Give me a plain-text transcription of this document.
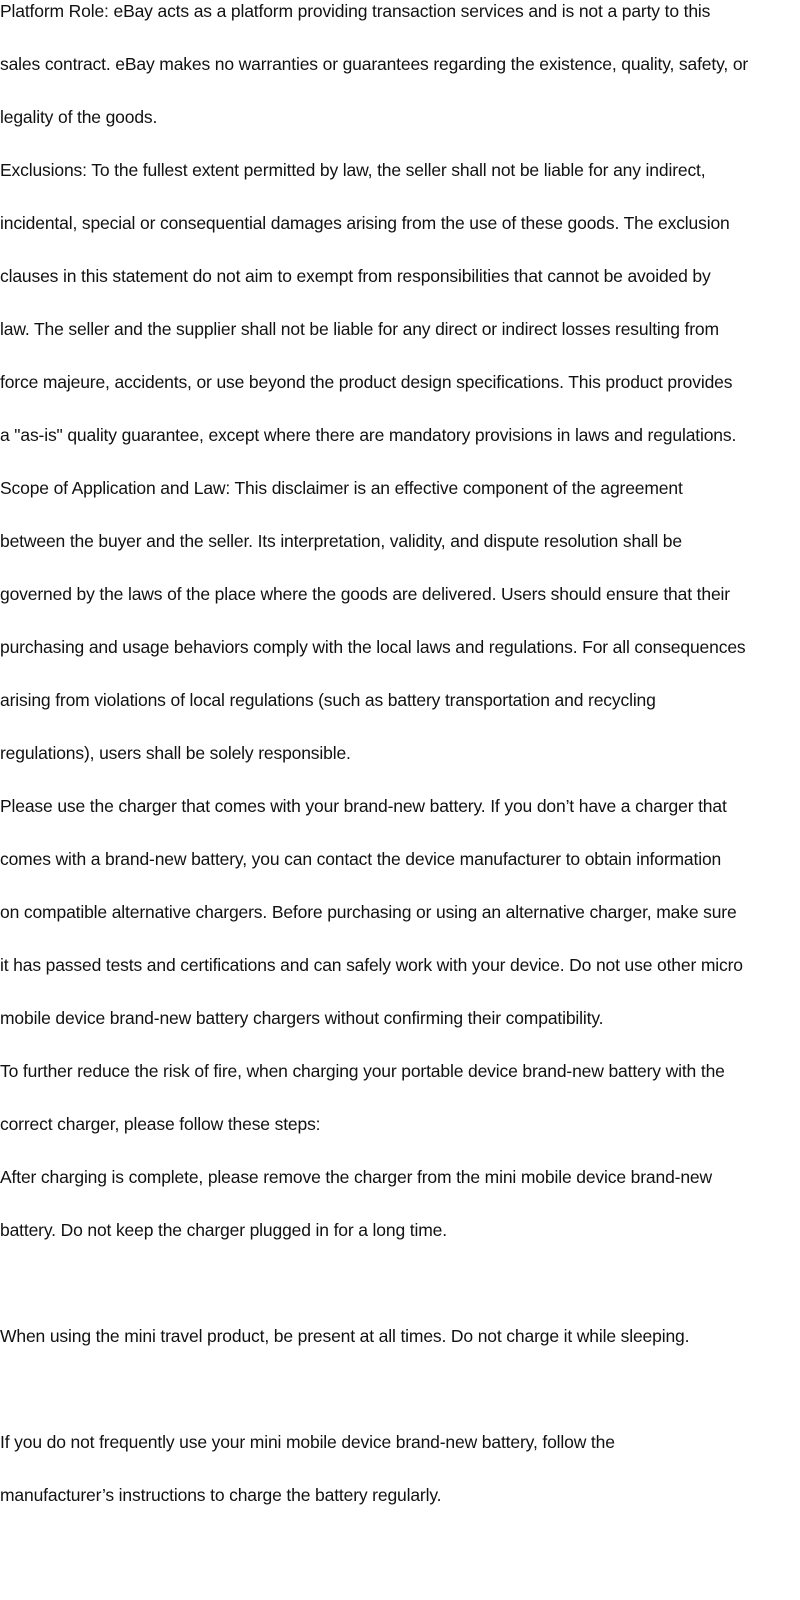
Platform Role: eBay acts as a platform providing transaction services and is not a party to this
sales contract. eBay makes no warranties or guarantees regarding the existence, quality, safety, or
legality of the goods.
Exclusions: To the fullest extent permitted by law, the seller shall not be liable for any indirect,
incidental, special or consequential damages arising from the use of these goods. The exclusion
clauses in this statement do not aim to exempt from responsibilities that cannot be avoided by
law. The seller and the supplier shall not be liable for any direct or indirect losses resulting from
force majeure, accidents, or use beyond the product design specifications. This product provides
a "as-is" quality guarantee, except where there are mandatory provisions in laws and regulations.
Scope of Application and Law: This disclaimer is an effective component of the agreement
between the buyer and the seller. Its interpretation, validity, and dispute resolution shall be
governed by the laws of the place where the goods are delivered. Users should ensure that their
purchasing and usage behaviors comply with the local laws and regulations. For all consequences
arising from violations of local regulations (such as battery transportation and recycling
regulations), users shall be solely responsible.
Please use the charger that comes with your brand-new battery. If you don’t have a charger that
comes with a brand-new battery, you can contact the device manufacturer to obtain information
on compatible alternative chargers. Before purchasing or using an alternative charger, make sure
it has passed tests and certifications and can safely work with your device. Do not use other micro
mobile device brand-new battery chargers without confirming their compatibility.
To further reduce the risk of fire, when charging your portable device brand-new battery with the
correct charger, please follow these steps:
After charging is complete, please remove the charger from the mini mobile device brand-new
battery. Do not keep the charger plugged in for a long time.
When using the mini travel product, be present at all times. Do not charge it while sleeping.
If you do not frequently use your mini mobile device brand-new battery, follow the
manufacturer’s instructions to charge the battery regularly.
